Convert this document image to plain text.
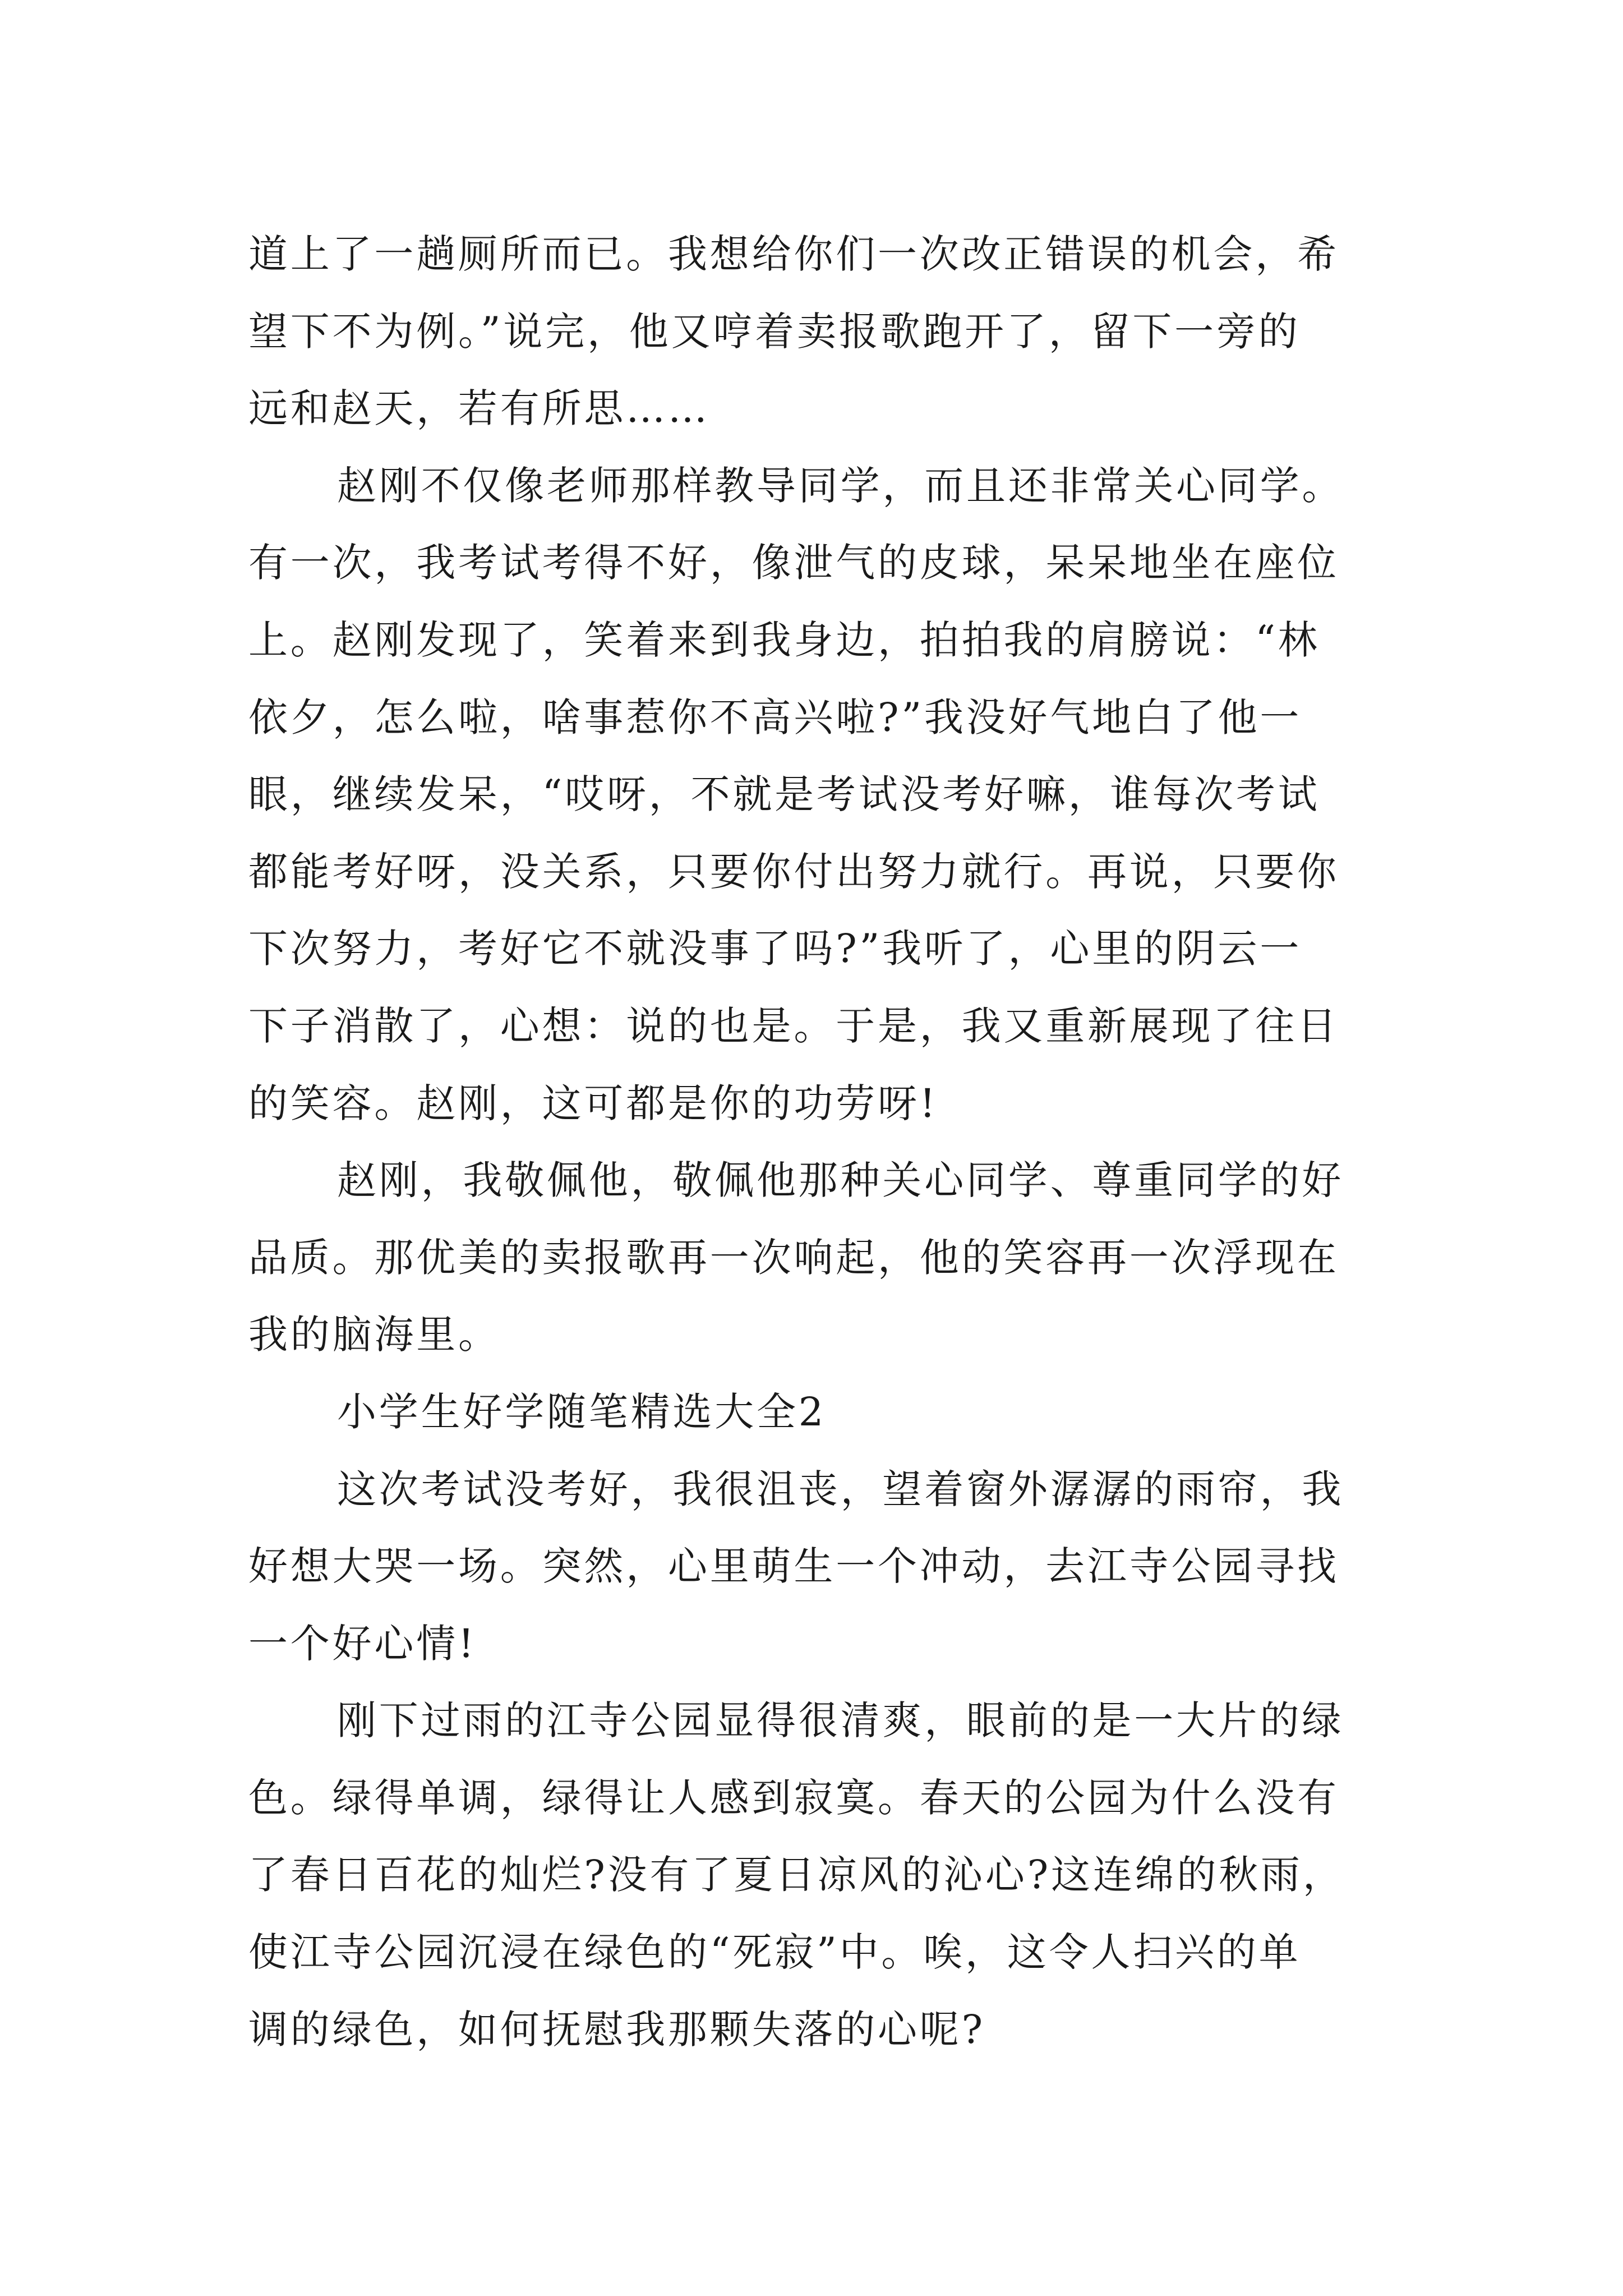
道上了一趟厕所而已。我想给你们一次改正错误的机会，希
望下不为例。”说完，他又哼着卖报歌跑开了，留下一旁的
远和赵天，若有所思……
赵刚不仅像老师那样教导同学，而且还非常关心同学。
有一次，我考试考得不好，像泄气的皮球，呆呆地坐在座位
上。赵刚发现了，笑着来到我身边，拍拍我的肩膀说：“林
依夕，怎么啦，啥事惹你不高兴啦?”我没好气地白了他一
眼，继续发呆，“哎呀，不就是考试没考好嘛，谁每次考试
都能考好呀，没关系，只要你付出努力就行。再说，只要你
下次努力，考好它不就没事了吗?”我听了，心里的阴云一
下子消散了，心想：说的也是。于是，我又重新展现了往日
的笑容。赵刚，这可都是你的功劳呀!
赵刚，我敬佩他，敬佩他那种关心同学、尊重同学的好
品质。那优美的卖报歌再一次响起，他的笑容再一次浮现在
我的脑海里。
小学生好学随笔精选大全2
这次考试没考好，我很沮丧，望着窗外潺潺的雨帘，我
好想大哭一场。突然，心里萌生一个冲动，去江寺公园寻找
一个好心情!
刚下过雨的江寺公园显得很清爽，眼前的是一大片的绿
色。绿得单调，绿得让人感到寂寞。春天的公园为什么没有
了春日百花的灿烂?没有了夏日凉风的沁心?这连绵的秋雨，
使江寺公园沉浸在绿色的“死寂”中。唉，这令人扫兴的单
调的绿色，如何抚慰我那颗失落的心呢?
